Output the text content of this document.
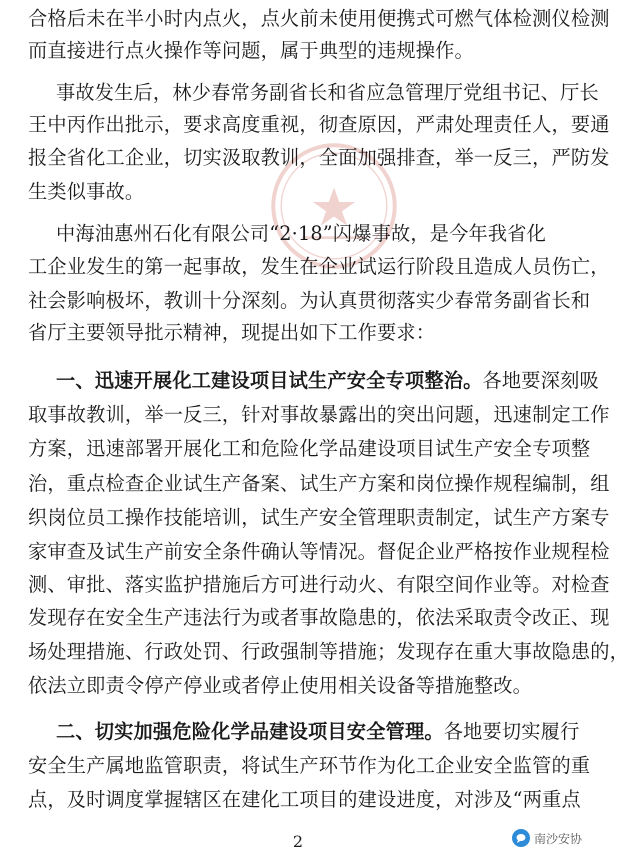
合格后未在半小时内点火，点火前未使用便携式可燃气体检测仪检测
而直接进行点火操作等问题，属于典型的违规操作。
事故发生后，林少春常务副省长和省应急管理厅党组书记、厅长
王中丙作出批示，要求高度重视，彻查原因，严肃处理责任人，要通
报全省化工企业，切实汲取教训，全面加强排查，举一反三，严防发
生类似事故。
中海油惠州石化有限公司“2·18”闪爆事故，是今年我省化
工企业发生的第一起事故，发生在企业试运行阶段且造成人员伤亡，
社会影响极坏，教训十分深刻。为认真贯彻落实少春常务副省长和
省厅主要领导批示精神，现提出如下工作要求：
一、迅速开展化工建设项目试生产安全专项整治。各地要深刻吸
取事故教训，举一反三，针对事故暴露出的突出问题，迅速制定工作
方案，迅速部署开展化工和危险化学品建设项目试生产安全专项整
治，重点检查企业试生产备案、试生产方案和岗位操作规程编制，组
织岗位员工操作技能培训，试生产安全管理职责制定，试生产方案专
家审查及试生产前安全条件确认等情况。督促企业严格按作业规程检
测、审批、落实监护措施后方可进行动火、有限空间作业等。对检查
发现存在安全生产违法行为或者事故隐患的，依法采取责令改正、现
场处理措施、行政处罚、行政强制等措施；发现存在重大事故隐患的，
依法立即责令停产停业或者停止使用相关设备等措施整改。
二、切实加强危险化学品建设项目安全管理。各地要切实履行
安全生产属地监管职责，将试生产环节作为化工企业安全监管的重
点，及时调度掌握辖区在建化工项目的建设进度，对涉及“两重点
2	南沙安协
